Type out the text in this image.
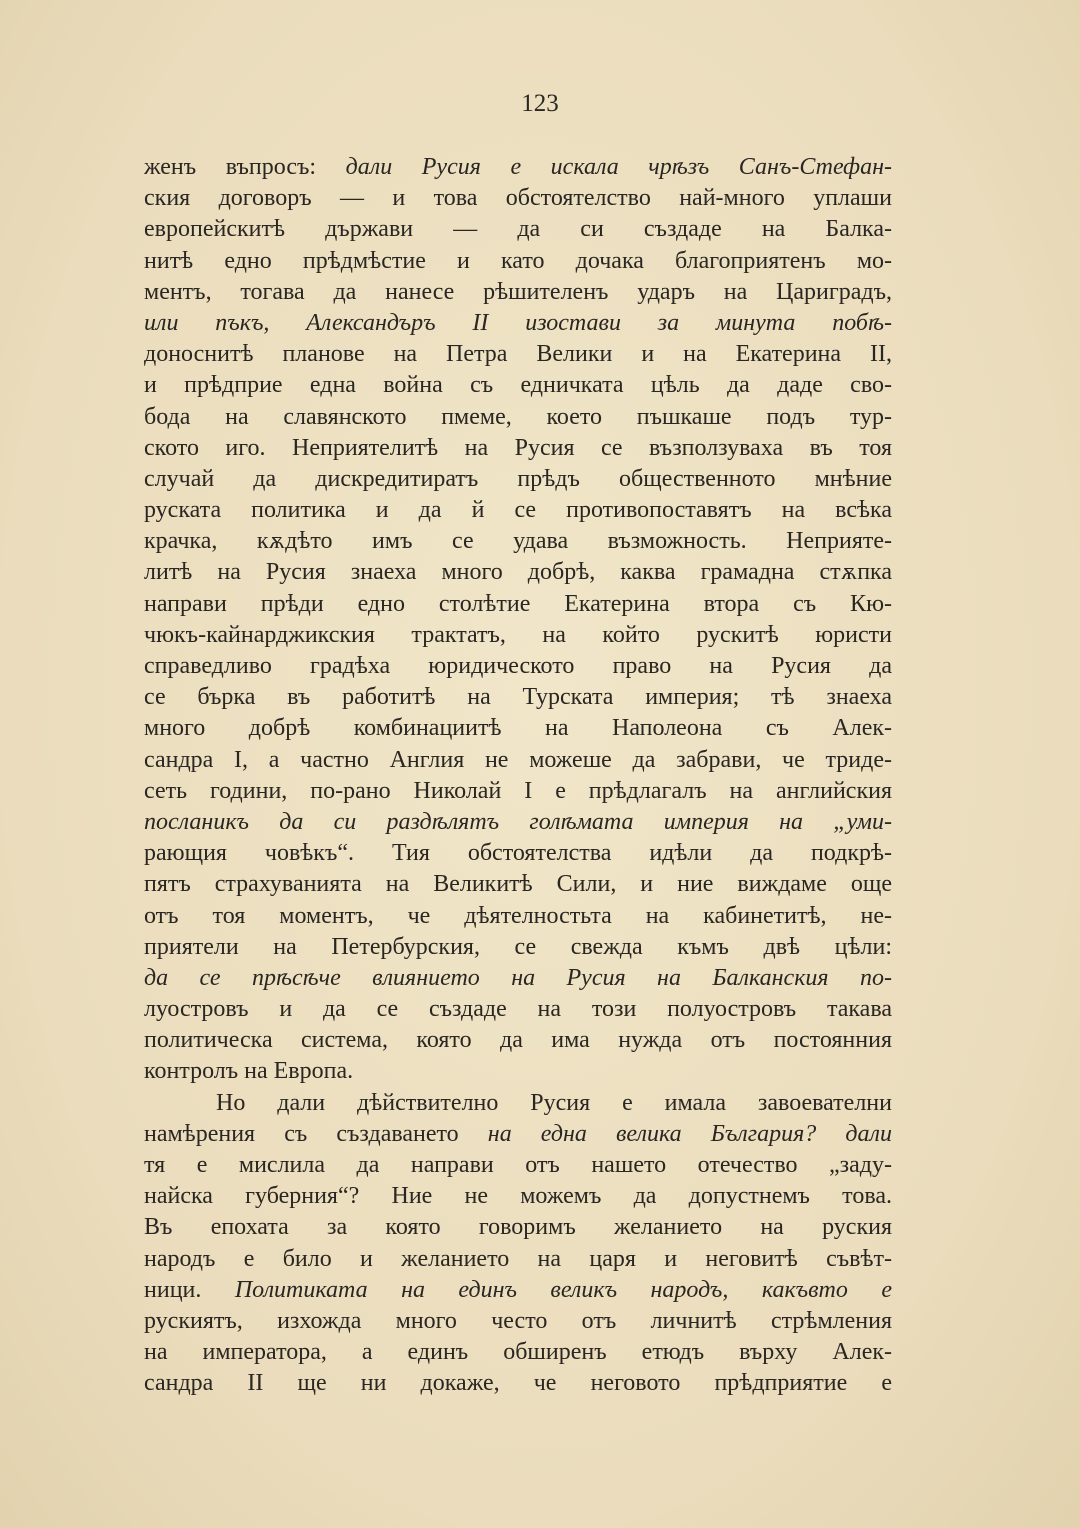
123
женъ въпросъ: дали Русия е искала чрѣзъ Санъ-Стефан-
ския договоръ — и това обстоятелство най-много уплаши
европейскитѣ държави — да си създаде на Балка-
нитѣ едно прѣдмѣстие и като дочака благоприятенъ мо-
ментъ, тогава да нанесе рѣшителенъ ударъ на Цариградъ,
или пъкъ, Александъръ II изостави за минута побѣ-
доноснитѣ планове на Петра Велики и на Екатерина II,
и прѣдприе една война съ едничката цѣль да даде сво-
бода на славянското пмеме, което пъшкаше подъ тур-
ското иго. Неприятелитѣ на Русия се възползуваха въ тоя
случай да дискредитиратъ прѣдъ общественното мнѣние
руската политика и да й се противопоставятъ на всѣка
крачка, кѫдѣто имъ се удава възможность. Неприяте-
литѣ на Русия знаеха много добрѣ, каква грамадна стѫпка
направи прѣди едно столѣтие Екатерина втора съ Кю-
чюкъ-кайнарджикския трактатъ, на който рускитѣ юристи
справедливо градѣха юридическото право на Русия да
се бърка въ работитѣ на Турската империя; тѣ знаеха
много добрѣ комбинациитѣ на Наполеона съ Алек-
сандра I, а частно Англия не можеше да забрави, че триде-
сеть години, по-рано Николай I е прѣдлагалъ на английския
посланикъ да си раздѣлятъ голѣмата империя на „уми-
рающия човѣкъ“. Тия обстоятелства идѣли да подкрѣ-
пятъ страхуванията на Великитѣ Сили, и ние виждаме още
отъ тоя моментъ, че дѣятелностьта на кабинетитѣ, не-
приятели на Петербурския, се свежда къмъ двѣ цѣли:
да се прѣсѣче влиянието на Русия на Балканския по-
луостровъ и да се създаде на този полуостровъ такава
политическа система, която да има нужда отъ постоянния
контролъ на Европа.
Но дали дѣйствително Русия е имала завоевателни
намѣрения съ създаването на една велика България? дали
тя е мислила да направи отъ нашето отечество „заду-
найска губерния“? Ние не можемъ да допустнемъ това.
Въ епохата за която говоримъ желанието на руския
народъ е било и желанието на царя и неговитѣ съвѣт-
ници. Политиката на единъ великъ народъ, какъвто е
рускиятъ, изхожда много често отъ личнитѣ стрѣмления
на императора, а единъ обширенъ етюдъ върху Алек-
сандра II ще ни докаже, че неговото прѣдприятие е
